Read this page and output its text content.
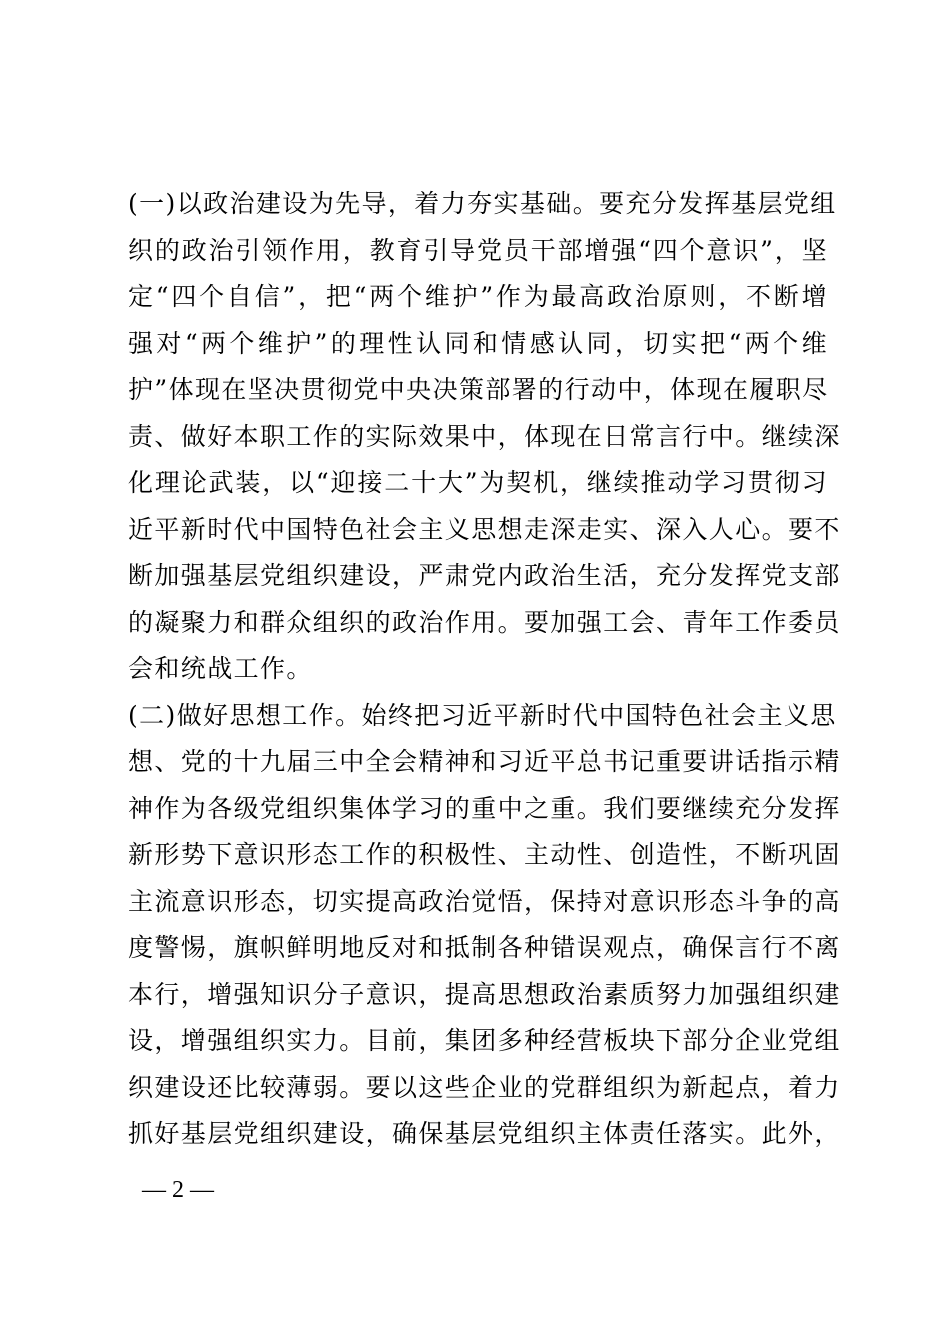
(一)以政治建设为先导，着力夯实基础。要充分发挥基层党组
织的政治引领作用，教育引导党员干部增强“四个意识”，坚
定“四个自信”，把“两个维护”作为最高政治原则，不断增
强对“两个维护”的理性认同和情感认同，切实把“两个维
护”体现在坚决贯彻党中央决策部署的行动中，体现在履职尽
责、做好本职工作的实际效果中，体现在日常言行中。继续深
化理论武装，以“迎接二十大”为契机，继续推动学习贯彻习
近平新时代中国特色社会主义思想走深走实、深入人心。要不
断加强基层党组织建设，严肃党内政治生活，充分发挥党支部
的凝聚力和群众组织的政治作用。要加强工会、青年工作委员
会和统战工作。
(二)做好思想工作。始终把习近平新时代中国特色社会主义思
想、党的十九届三中全会精神和习近平总书记重要讲话指示精
神作为各级党组织集体学习的重中之重。我们要继续充分发挥
新形势下意识形态工作的积极性、主动性、创造性，不断巩固
主流意识形态，切实提高政治觉悟，保持对意识形态斗争的高
度警惕，旗帜鲜明地反对和抵制各种错误观点，确保言行不离
本行，增强知识分子意识，提高思想政治素质努力加强组织建
设，增强组织实力。目前，集团多种经营板块下部分企业党组
织建设还比较薄弱。要以这些企业的党群组织为新起点，着力
抓好基层党组织建设，确保基层党组织主体责任落实。此外，
— 2 —
